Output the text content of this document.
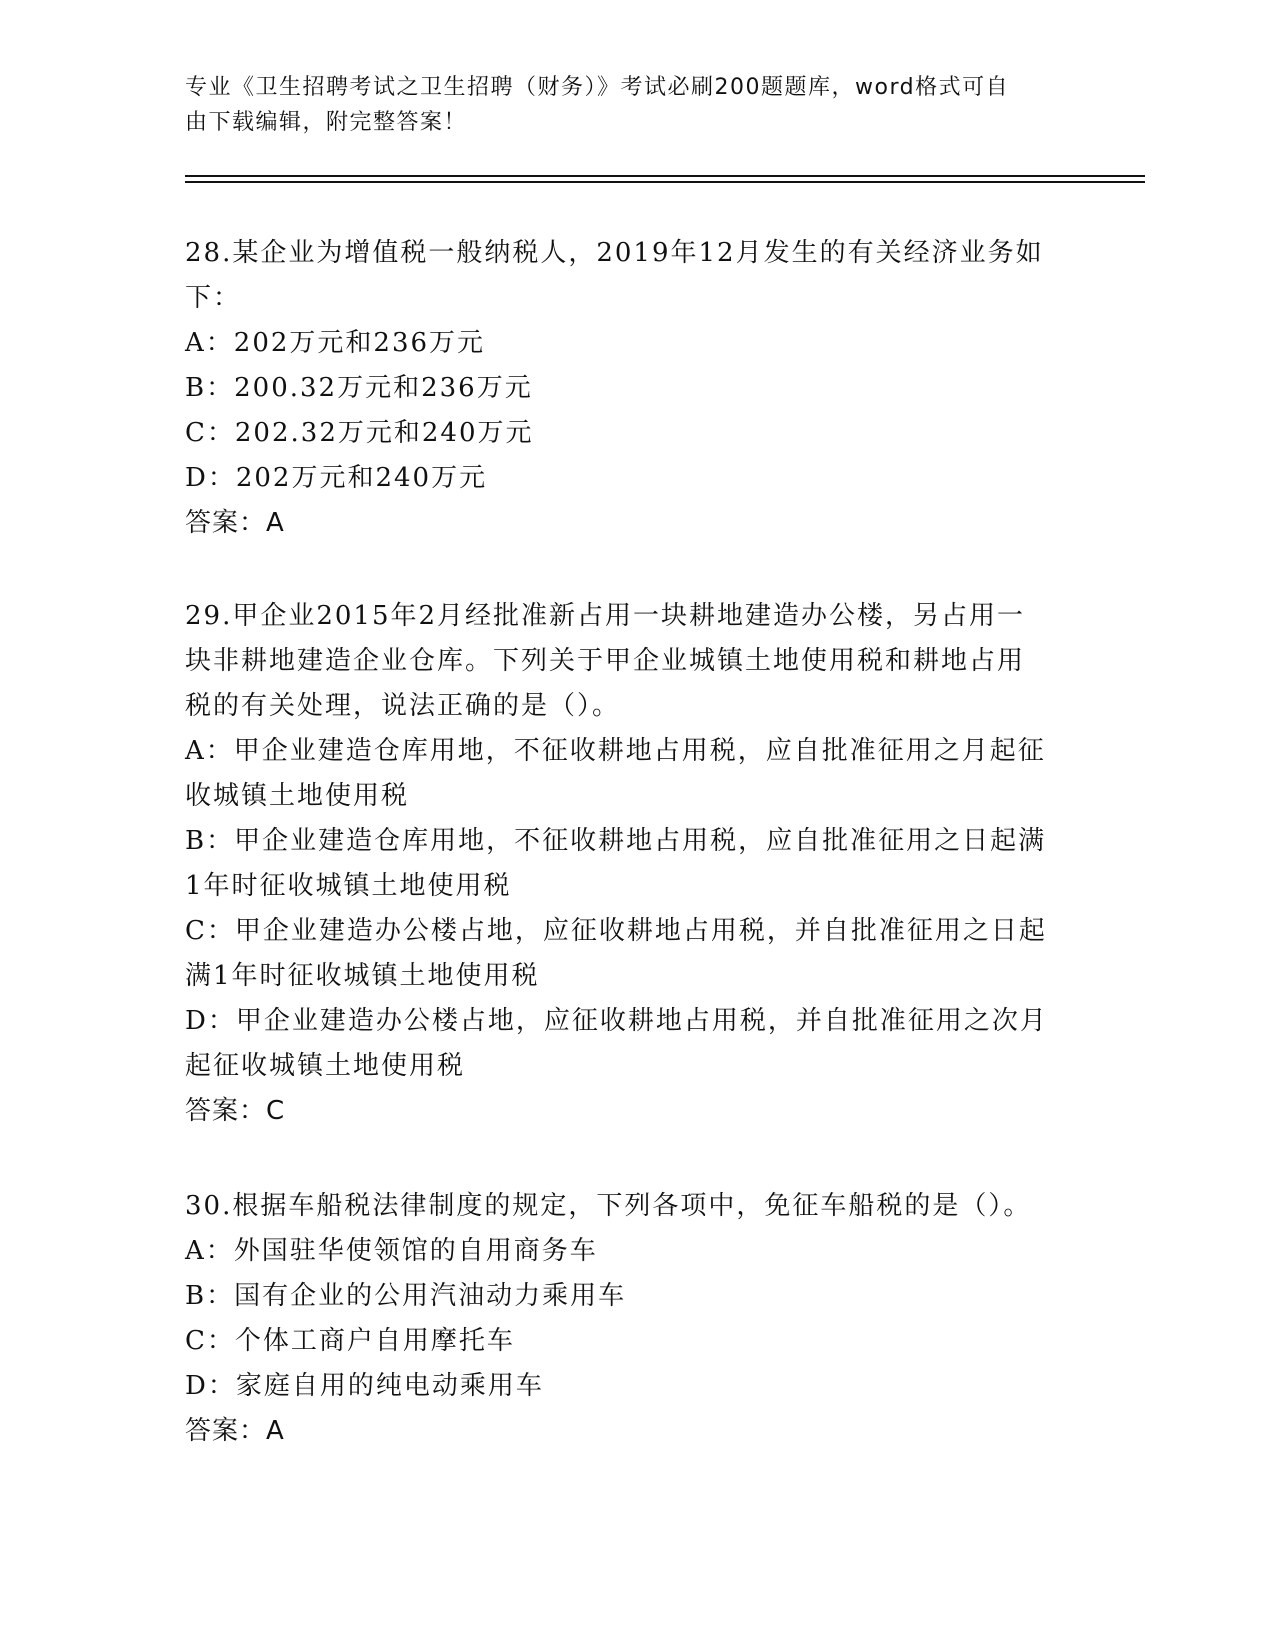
专业《卫生招聘考试之卫生招聘（财务）》考试必刷200题题库，word格式可自
由下载编辑，附完整答案！
28.某企业为增值税一般纳税人，2019年12月发生的有关经济业务如
下：
A：202万元和236万元
B：200.32万元和236万元
C：202.32万元和240万元
D：202万元和240万元
答案：A
29.甲企业2015年2月经批准新占用一块耕地建造办公楼，另占用一
块非耕地建造企业仓库。下列关于甲企业城镇土地使用税和耕地占用
税的有关处理，说法正确的是（）。
A：甲企业建造仓库用地，不征收耕地占用税，应自批准征用之月起征
收城镇土地使用税
B：甲企业建造仓库用地，不征收耕地占用税，应自批准征用之日起满
1年时征收城镇土地使用税
C：甲企业建造办公楼占地，应征收耕地占用税，并自批准征用之日起
满1年时征收城镇土地使用税
D：甲企业建造办公楼占地，应征收耕地占用税，并自批准征用之次月
起征收城镇土地使用税
答案：C
30.根据车船税法律制度的规定，下列各项中，免征车船税的是（）。
A：外国驻华使领馆的自用商务车
B：国有企业的公用汽油动力乘用车
C：个体工商户自用摩托车
D：家庭自用的纯电动乘用车
答案：A
